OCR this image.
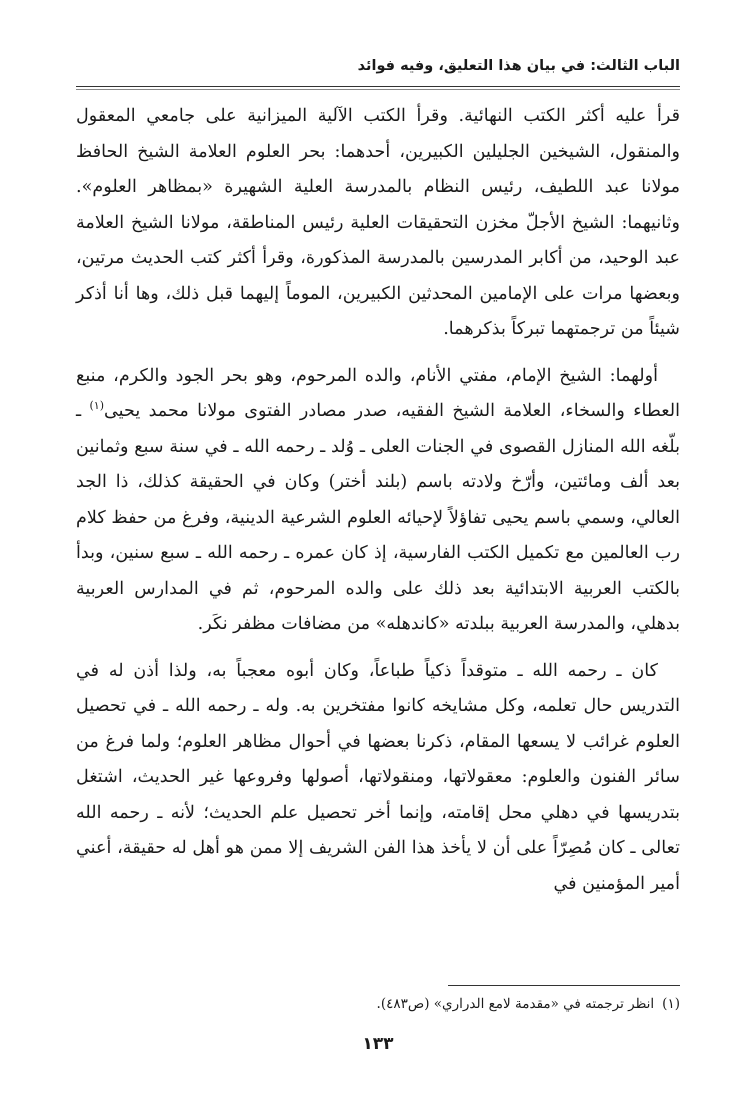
الباب الثالث: في بيان هذا التعليق، وفيه فوائد

قرأ عليه أكثر الكتب النهائية. وقرأ الكتب الآلية الميزانية على جامعي المعقول والمنقول، الشيخين الجليلين الكبيرين، أحدهما: بحر العلوم العلامة الشيخ الحافظ مولانا عبد اللطيف، رئيس النظام بالمدرسة العلية الشهيرة «بمظاهر العلوم». وثانيهما: الشيخ الأجلّ مخزن التحقيقات العلية رئيس المناطقة، مولانا الشيخ العلامة عبد الوحيد، من أكابر المدرسين بالمدرسة المذكورة، وقرأ أكثر كتب الحديث مرتين، وبعضها مرات على الإمامين المحدثين الكبيرين، الموماً إليهما قبل ذلك، وها أنا أذكر شيئاً من ترجمتهما تبركاً بذكرهما.

أولهما: الشيخ الإمام، مفتي الأنام، والده المرحوم، وهو بحر الجود والكرم، منبع العطاء والسخاء، العلامة الشيخ الفقيه، صدر مصادر الفتوى مولانا محمد يحيى$^{(١)}$ ـ بلّغه الله المنازل القصوى في الجنات العلى ـ وُلد ـ رحمه الله ـ في سنة سبع وثمانين بعد ألف ومائتين، وأرّخ ولادته باسم (بلند أختر) وكان في الحقيقة كذلك، ذا الجد العالي، وسمي باسم يحيى تفاؤلاً لإحيائه العلوم الشرعية الدينية، وفرغ من حفظ كلام رب العالمين مع تكميل الكتب الفارسية، إذ كان عمره ـ رحمه الله ـ سبع سنين، وبدأ بالكتب العربية الابتدائية بعد ذلك على والده المرحوم، ثم في المدارس العربية بدهلي، والمدرسة العربية ببلدته «كاندهله» من مضافات مظفر نكَر.

كان ـ رحمه الله ـ متوقداً ذكياً طباعاً، وكان أبوه معجباً به، ولذا أذن له في التدريس حال تعلمه، وكل مشايخه كانوا مفتخرين به. وله ـ رحمه الله ـ في تحصيل العلوم غرائب لا يسعها المقام، ذكرنا بعضها في أحوال مظاهر العلوم؛ ولما فرغ من سائر الفنون والعلوم: معقولاتها، ومنقولاتها، أصولها وفروعها غير الحديث، اشتغل بتدريسها في دهلي محل إقامته، وإنما أخر تحصيل علم الحديث؛ لأنه ـ رحمه الله تعالى ـ كان مُصِرّاً على أن لا يأخذ هذا الفن الشريف إلا ممن هو أهل له حقيقة، أعني أمير المؤمنين في

(١)انظر ترجمته في «مقدمة لامع الدراري» (ص٤٨٣).
١٣٣
